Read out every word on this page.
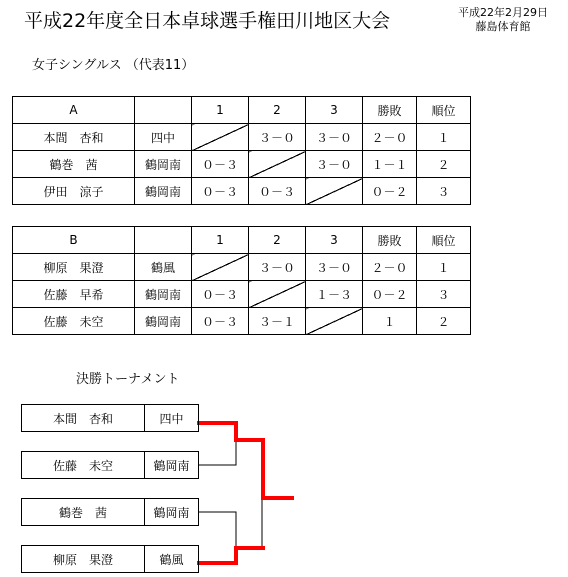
平成22年度全日本卓球選手権田川地区大会	平成22年2月29日
藤島体育館
女子シングルス （代表11）
A		1	2	3	勝敗	順位
本間　杏和	四中		３－０	３－０	２－０	１
鶴巻　茜	鶴岡南	０－３		３－０	１－１	２
伊田　涼子	鶴岡南	０－３	０－３		０－２	３
B		1	2	3	勝敗	順位
柳原　果澄	鶴風		３－０	３－０	２－０	１
佐藤　早希	鶴岡南	０－３		１－３	０－２	３
佐藤　未空	鶴岡南	０－３	３－１		１	２
決勝トーナメント
本間　杏和	四中
佐藤　未空	鶴岡南
鶴巻　茜	鶴岡南
柳原　果澄	鶴風
